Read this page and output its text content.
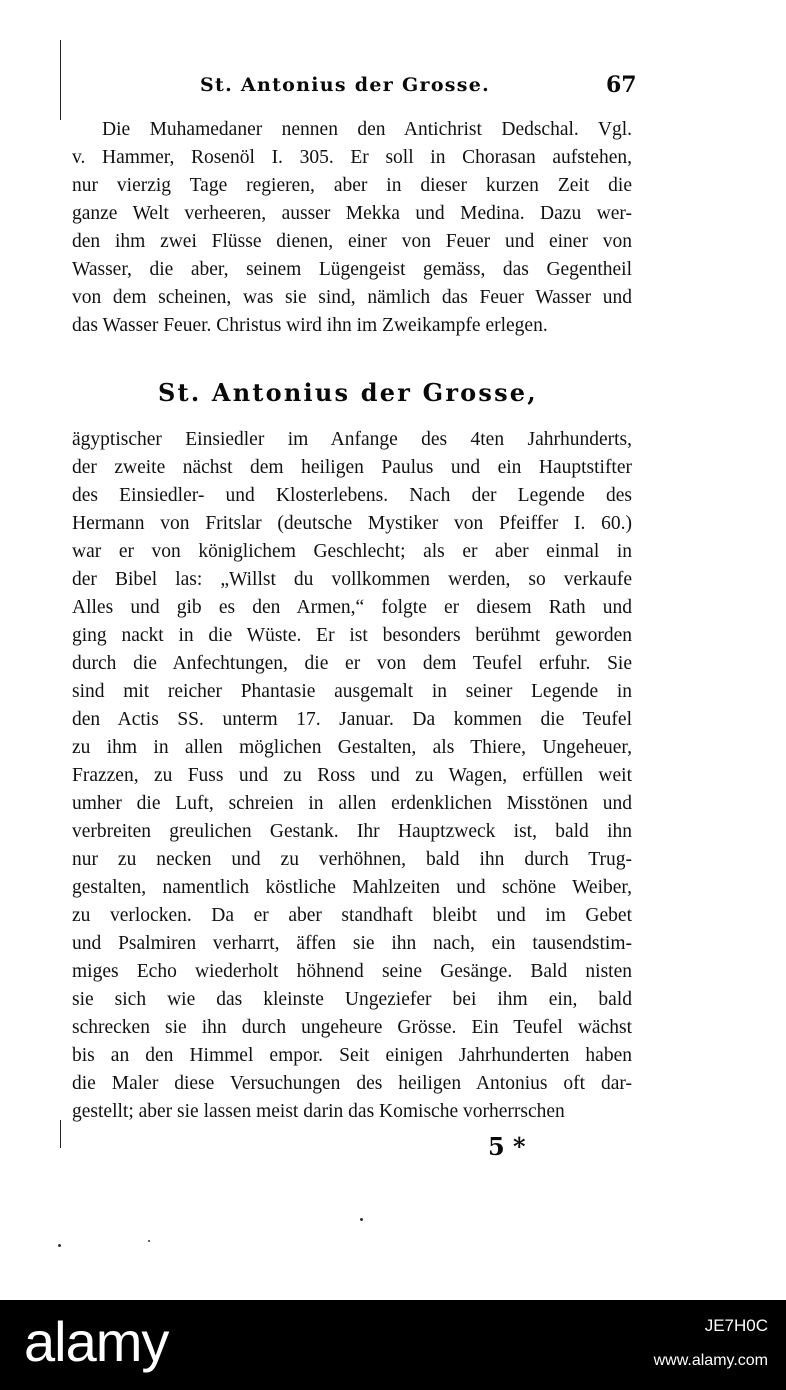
St. Antonius der Grosse.	67
Die Muhamedaner nennen den Antichrist Dedschal. Vgl.
v. Hammer, Rosenöl I. 305. Er soll in Chorasan aufstehen,
nur vierzig Tage regieren, aber in dieser kurzen Zeit die
ganze Welt verheeren, ausser Mekka und Medina. Dazu wer-
den ihm zwei Flüsse dienen, einer von Feuer und einer von
Wasser, die aber, seinem Lügengeist gemäss, das Gegentheil
von dem scheinen, was sie sind, nämlich das Feuer Wasser und
das Wasser Feuer. Christus wird ihn im Zweikampfe erlegen.
St. Antonius der Grosse,
ägyptischer Einsiedler im Anfange des 4ten Jahrhunderts,
der zweite nächst dem heiligen Paulus und ein Hauptstifter
des Einsiedler- und Klosterlebens. Nach der Legende des
Hermann von Fritslar (deutsche Mystiker von Pfeiffer I. 60.)
war er von königlichem Geschlecht; als er aber einmal in
der Bibel las: „Willst du vollkommen werden, so verkaufe
Alles und gib es den Armen,“ folgte er diesem Rath und
ging nackt in die Wüste. Er ist besonders berühmt geworden
durch die Anfechtungen, die er von dem Teufel erfuhr. Sie
sind mit reicher Phantasie ausgemalt in seiner Legende in
den Actis SS. unterm 17. Januar. Da kommen die Teufel
zu ihm in allen möglichen Gestalten, als Thiere, Ungeheuer,
Frazzen, zu Fuss und zu Ross und zu Wagen, erfüllen weit
umher die Luft, schreien in allen erdenklichen Misstönen und
verbreiten greulichen Gestank. Ihr Hauptzweck ist, bald ihn
nur zu necken und zu verhöhnen, bald ihn durch Trug-
gestalten, namentlich köstliche Mahlzeiten und schöne Weiber,
zu verlocken. Da er aber standhaft bleibt und im Gebet
und Psalmiren verharrt, äffen sie ihn nach, ein tausendstim-
miges Echo wiederholt höhnend seine Gesänge. Bald nisten
sie sich wie das kleinste Ungeziefer bei ihm ein, bald
schrecken sie ihn durch ungeheure Grösse. Ein Teufel wächst
bis an den Himmel empor. Seit einigen Jahrhunderten haben
die Maler diese Versuchungen des heiligen Antonius oft dar-
gestellt; aber sie lassen meist darin das Komische vorherrschen
5 *
alamy	JE7H0C
www.alamy.com
